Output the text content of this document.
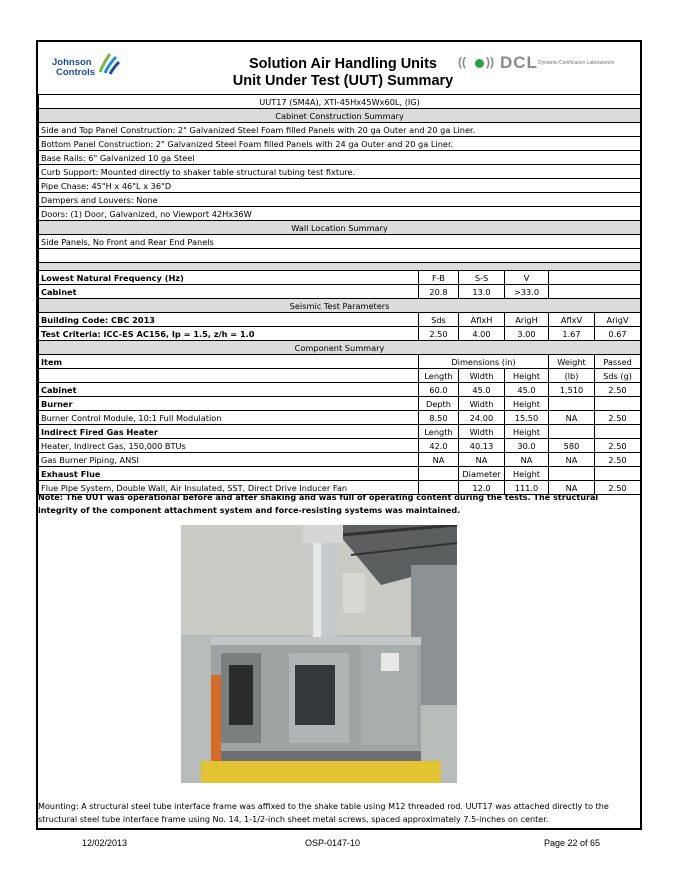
Johnson
Controls
Solution Air Handling Units
Unit Under Test (UUT) Summary
(( )) DCL Dynamic Certification Laboratories
UUT17 (SM4A), XTI-45Hx45Wx60L, (IG)					
Cabinet Construction Summary					
Side and Top Panel Construction: 2" Galvanized Steel Foam filled Panels with 20 ga Outer and 20 ga Liner.					
Bottom Panel Construction: 2" Galvanized Steel Foam filled Panels with 24 ga Outer and 20 ga Liner.					
Base Rails: 6" Galvanized 10 ga Steel					
Curb Support: Mounted directly to shaker table structural tubing test fixture.					
Pipe Chase: 45"H x 46"L x 36"D					
Dampers and Louvers: None					
Doors: (1) Door, Galvanized, no Viewport 42Hx36W					
Wall Location Summary					
Side Panels, No Front and Rear End Panels					

Lowest Natural Frequency (Hz)	F-B	S-S	V		
Cabinet	20.8	13.0	>33.0		
Seismic Test Parameters					
Building Code: CBC 2013	Sds	AflxH	ArigH	AflxV	ArigV
Test Criteria: ICC-ES AC156, Ip = 1.5, z/h = 1.0	2.50	4.00	3.00	1.67	0.67
Component Summary					
Item	Dimensions (in)			Weight	Passed
	Length	Width	Height	(lb)	Sds (g)
Cabinet	60.0	45.0	45.0	1,510	2.50
Burner	Depth	Width	Height		
Burner Control Module, 10:1 Full Modulation	8.50	24.00	15.50	NA	2.50
Indirect Fired Gas Heater	Length	Width	Height		
Heater, Indirect Gas, 150,000 BTUs	42.0	40.13	30.0	580	2.50
Gas Burner Piping, ANSI	NA	NA	NA	NA	2.50
Exhaust Flue		Diameter	Height		
Flue Pipe System, Double Wall, Air Insulated, SST, Direct Drive Inducer Fan		12.0	111.0	NA	2.50
Note: The UUT was operational before and after shaking and was full of operating content during the tests. The structural integrity of the component attachment system and force-resisting systems was maintained.
Mounting: A structural steel tube interface frame was affixed to the shake table using M12 threaded rod. UUT17 was attached directly to the structural steel tube interface frame using No. 14, 1-1/2-inch sheet metal screws, spaced approximately 7.5-inches on center.
12/02/2013	OSP-0147-10	Page 22 of 65
